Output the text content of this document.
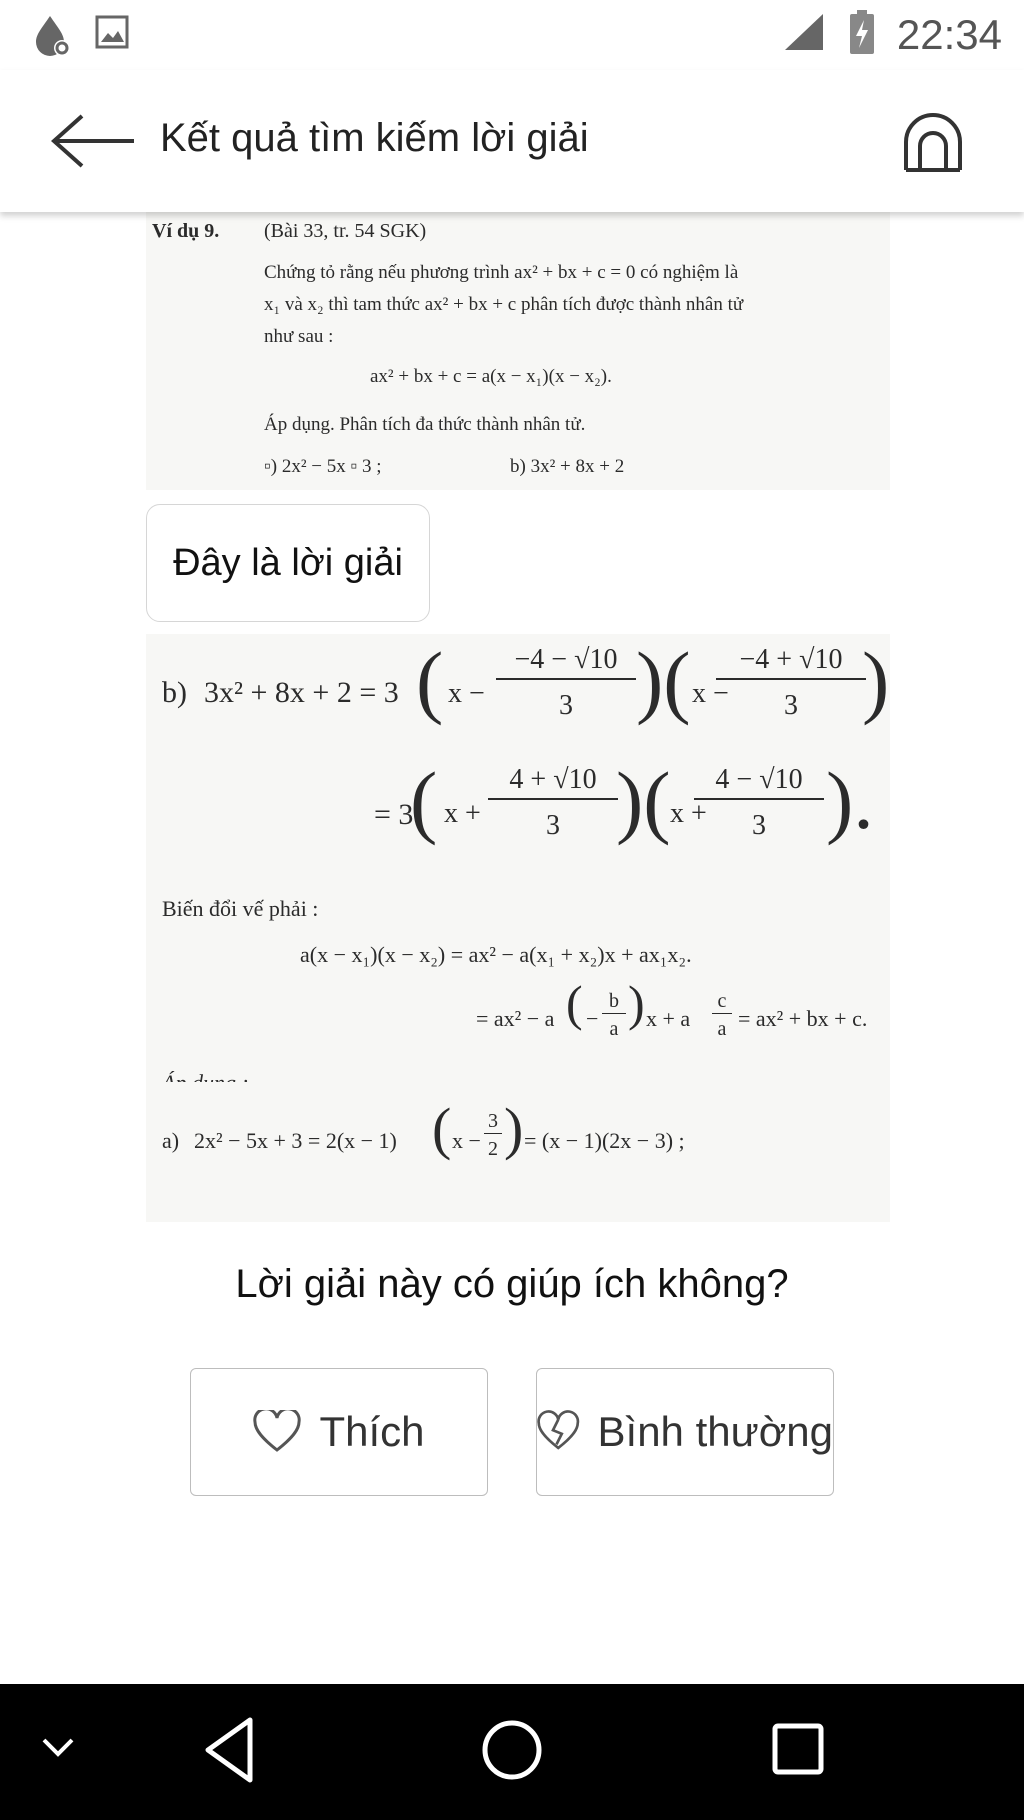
22:34
Kết quả tìm kiếm lời giải
Ví dụ 9. (Bài 33, tr. 54 SGK)
Chứng tỏ rằng nếu phương trình ax² + bx + c = 0 có nghiệm là
x₁ và x₂ thì tam thức ax² + bx + c phân tích được thành nhân tử
như sau :
ax² + bx + c = a(x − x₁)(x − x₂).
Áp dụng. Phân tích đa thức thành nhân tử.
▫) 2x² − 5x ▫ 3 ;	b) 3x² + 8x + 2
Đây là lời giải
b) 3x² + 8x + 2 = 3 ( x −
−4 − √10
3 )( x −
−4 + √10
3 )
= 3
( x +
4 + √10
3 )( x +
4 − √10
3 ).
Biến đổi vế phải :
a(x − x₁)(x − x₂) = ax² − a(x₁ + x₂)x + ax₁x₂.
= ax² − a ( −
b
a ) x + a
c
a = ax² + bx + c.
a) 2x² − 5x + 3 = 2(x − 1) ( x −
3
2 ) = (x − 1)(2x − 3) ;
Lời giải này có giúp ích không?
Thích	Bình thường
